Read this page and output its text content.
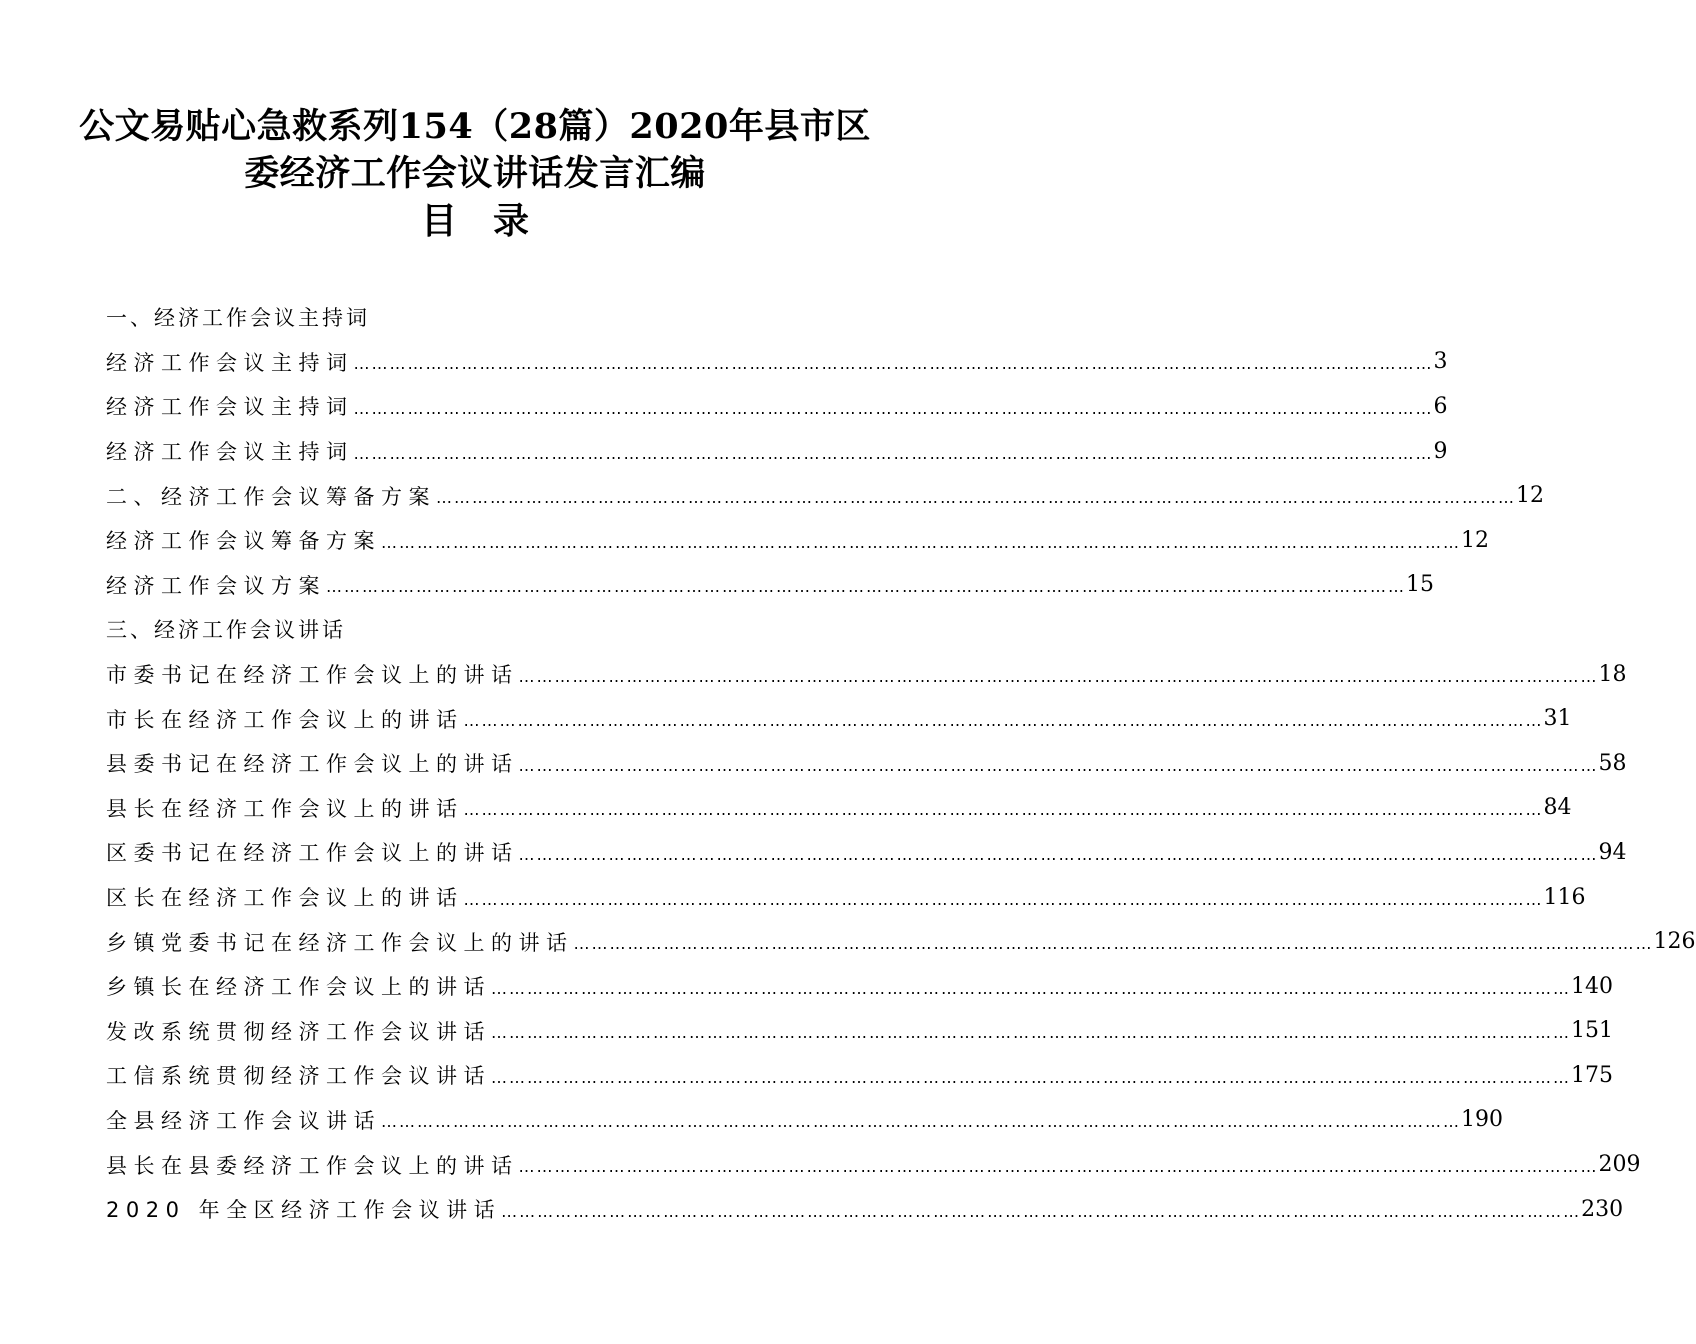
公文易贴心急救系列154（28篇）2020年县市区
委经济工作会议讲话发言汇编
目 录
一、经济工作会议主持词
经济工作会议主持词 ……………………………………………………………………………………………………………………………………………………………… 3
经济工作会议主持词 ……………………………………………………………………………………………………………………………………………………………… 6
经济工作会议主持词 ……………………………………………………………………………………………………………………………………………………………… 9
二、经济工作会议筹备方案 ……………………………………………………………………………………………………………………………………………………………… 12
经济工作会议筹备方案 ……………………………………………………………………………………………………………………………………………………………… 12
经济工作会议方案 ……………………………………………………………………………………………………………………………………………………………… 15
三、经济工作会议讲话
市委书记在经济工作会议上的讲话 ……………………………………………………………………………………………………………………………………………………………… 18
市长在经济工作会议上的讲话 ……………………………………………………………………………………………………………………………………………………………… 31
县委书记在经济工作会议上的讲话 ……………………………………………………………………………………………………………………………………………………………… 58
县长在经济工作会议上的讲话 ……………………………………………………………………………………………………………………………………………………………… 84
区委书记在经济工作会议上的讲话 ……………………………………………………………………………………………………………………………………………………………… 94
区长在经济工作会议上的讲话 ……………………………………………………………………………………………………………………………………………………………… 116
乡镇党委书记在经济工作会议上的讲话 ……………………………………………………………………………………………………………………………………………………………… 126
乡镇长在经济工作会议上的讲话 ……………………………………………………………………………………………………………………………………………………………… 140
发改系统贯彻经济工作会议讲话 ……………………………………………………………………………………………………………………………………………………………… 151
工信系统贯彻经济工作会议讲话 ……………………………………………………………………………………………………………………………………………………………… 175
全县经济工作会议讲话 ……………………………………………………………………………………………………………………………………………………………… 190
县长在县委经济工作会议上的讲话 ……………………………………………………………………………………………………………………………………………………………… 209
2020 年全区经济工作会议讲话 ……………………………………………………………………………………………………………………………………………………………… 230
